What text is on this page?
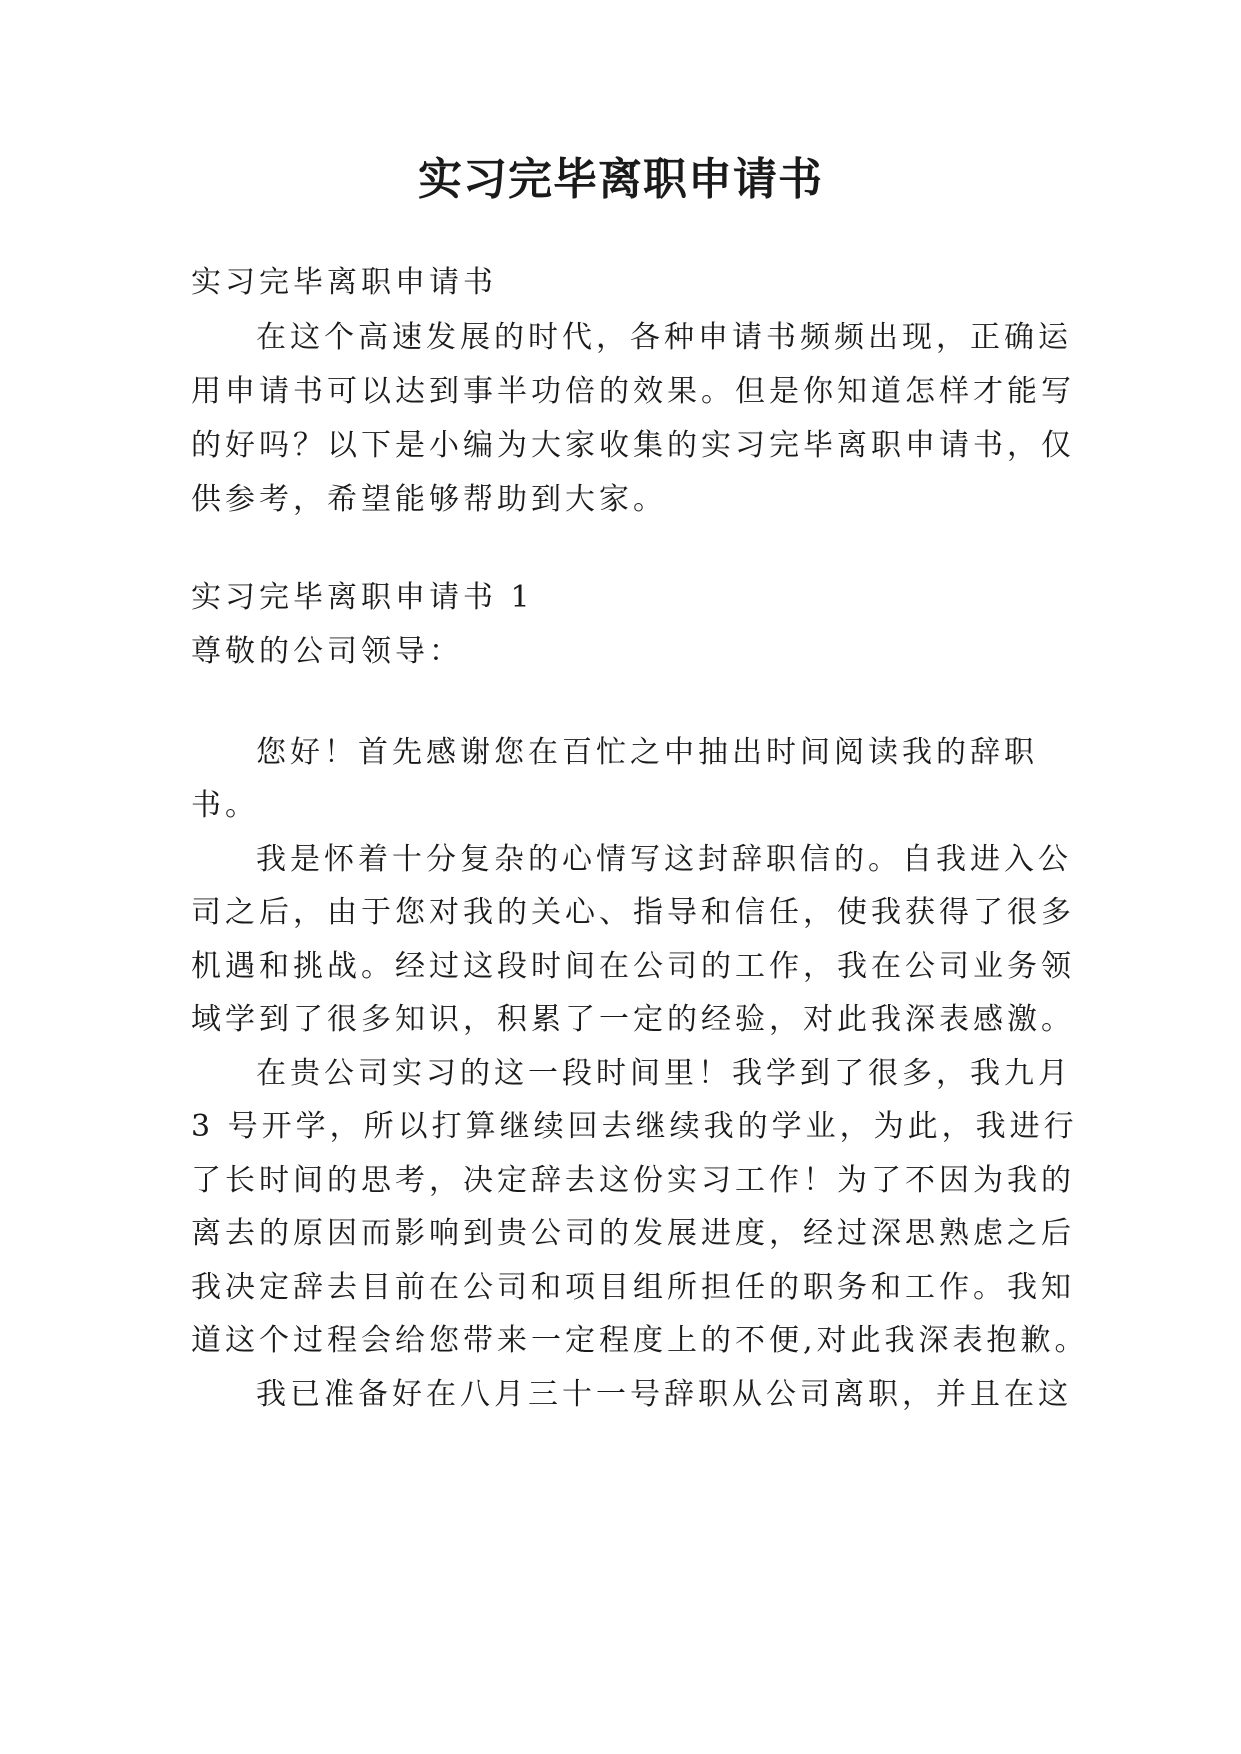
实习完毕离职申请书
实习完毕离职申请书
在这个高速发展的时代，各种申请书频频出现，正确运
用申请书可以达到事半功倍的效果。但是你知道怎样才能写
的好吗？以下是小编为大家收集的实习完毕离职申请书，仅
供参考，希望能够帮助到大家。
实习完毕离职申请书 1
尊敬的公司领导：
您好！首先感谢您在百忙之中抽出时间阅读我的辞职
书。
我是怀着十分复杂的心情写这封辞职信的。自我进入公
司之后，由于您对我的关心、指导和信任，使我获得了很多
机遇和挑战。经过这段时间在公司的工作，我在公司业务领
域学到了很多知识，积累了一定的经验，对此我深表感激。
在贵公司实习的这一段时间里！我学到了很多，我九月
3 号开学，所以打算继续回去继续我的学业，为此，我进行
了长时间的思考，决定辞去这份实习工作！为了不因为我的
离去的原因而影响到贵公司的发展进度，经过深思熟虑之后
我决定辞去目前在公司和项目组所担任的职务和工作。我知
道这个过程会给您带来一定程度上的不便,对此我深表抱歉。
我已准备好在八月三十一号辞职从公司离职，并且在这
